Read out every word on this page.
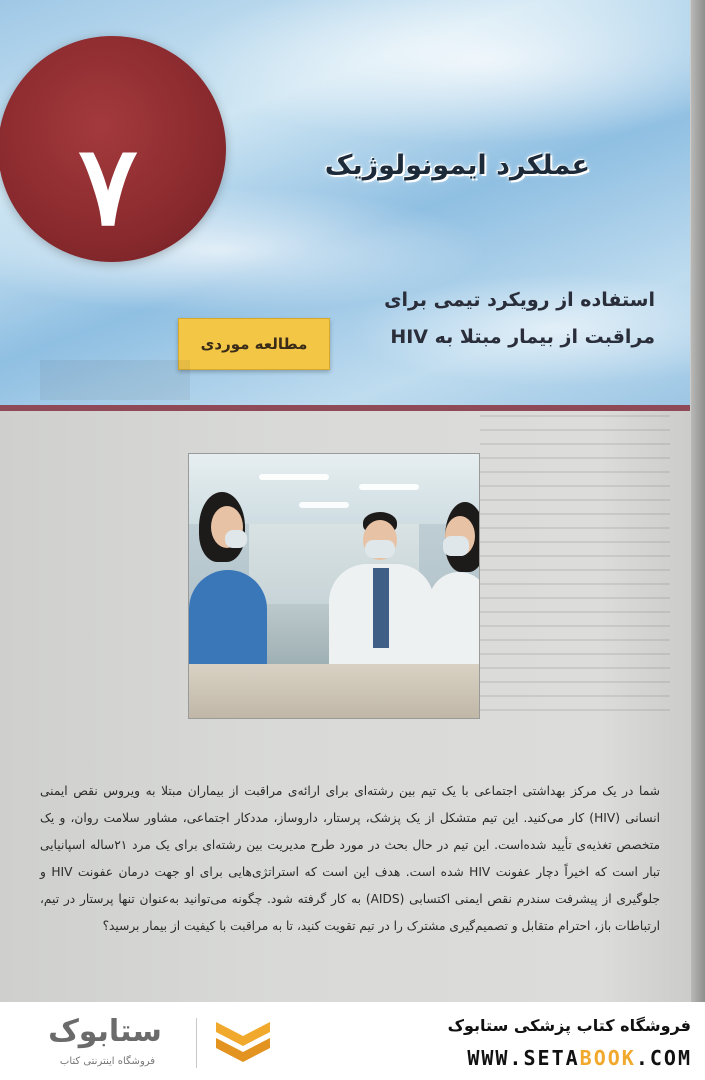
۷	عملکرد ایمونولوژیک
استفاده از رویکرد تیمی برای
مراقبت از بیمار مبتلا به HIV
مطالعه موردی
شما در یک مرکز بهداشتی اجتماعی با یک تیم بین رشته‌ای برای ارائه‌ی مراقبت از بیماران مبتلا به ویروس نقص ایمنی انسانی (HIV) کار می‌کنید. این تیم متشکل از یک پزشک، پرستار، داروساز، مددکار اجتماعی، مشاور سلامت روان، و یک متخصص تغذیه‌ی تأیید شده‌است. این تیم در حال بحث در مورد طرح مدیریت بین رشته‌ای برای یک مرد ۲۱ساله اسپانیایی تبار است که اخیراً دچار عفونت HIV شده است. هدف این است که استراتژی‌هایی برای او جهت درمان عفونت HIV و جلوگیری از پیشرفت سندرم نقص ایمنی اکتسابی (AIDS) به کار گرفته شود. چگونه می‌توانید به‌عنوان تنها پرستار در تیم، ارتباطات باز، احترام متقابل و تصمیم‌گیری مشترک را در تیم تقویت کنید، تا به مراقبت با کیفیت از بیمار برسید؟
ستابوک
فروشگاه اینترنتی کتاب
فروشگاه کتاب پزشکی ستابوک
WWW.SETABOOK.COM
